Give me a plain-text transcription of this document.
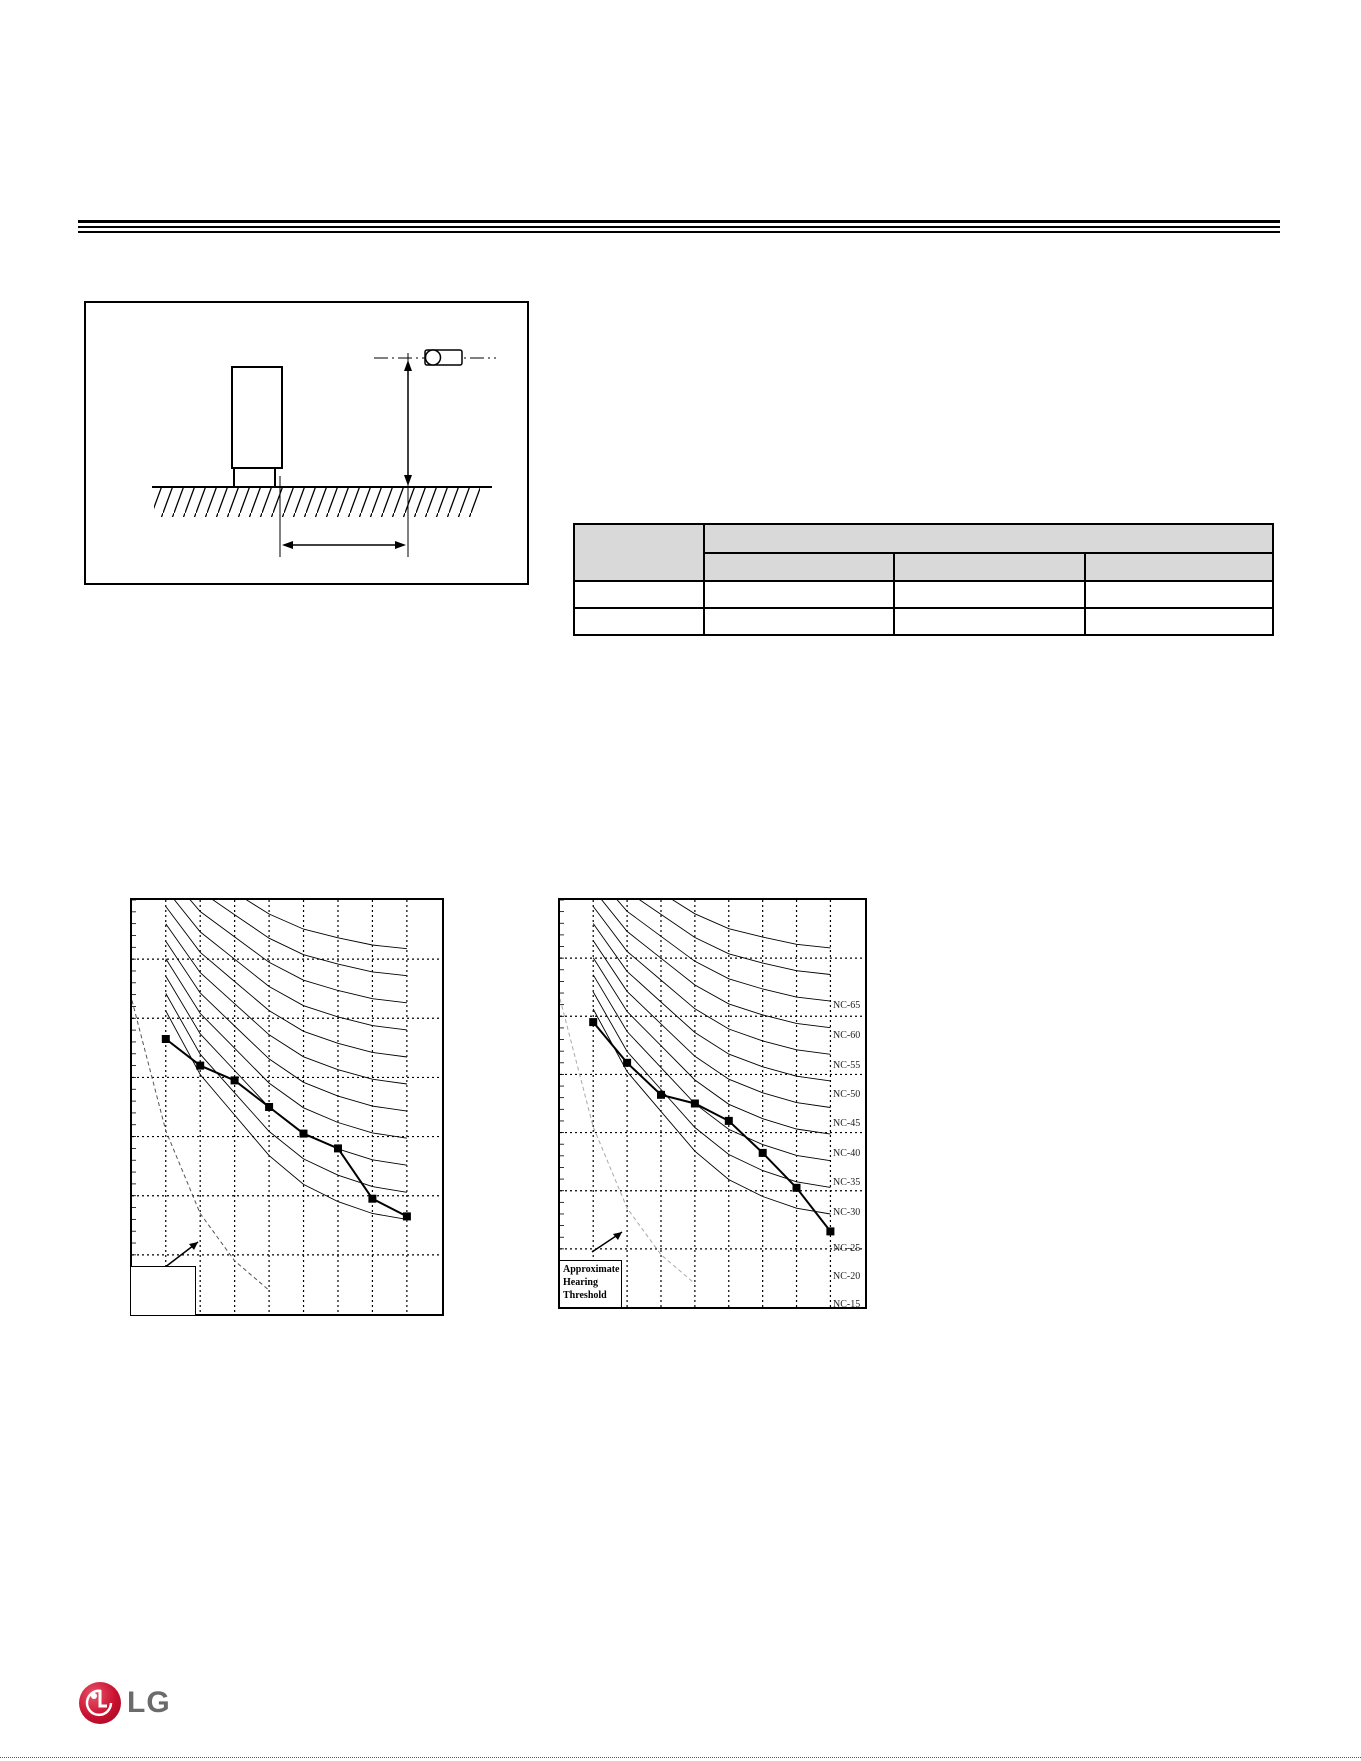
NC-65
NC-60
NC-55
NC-50
NC-45
NC-40
NC-35
NC-30
NC-25
NC-20
NC-15
Approximate
Hearing
Threshold
LG
